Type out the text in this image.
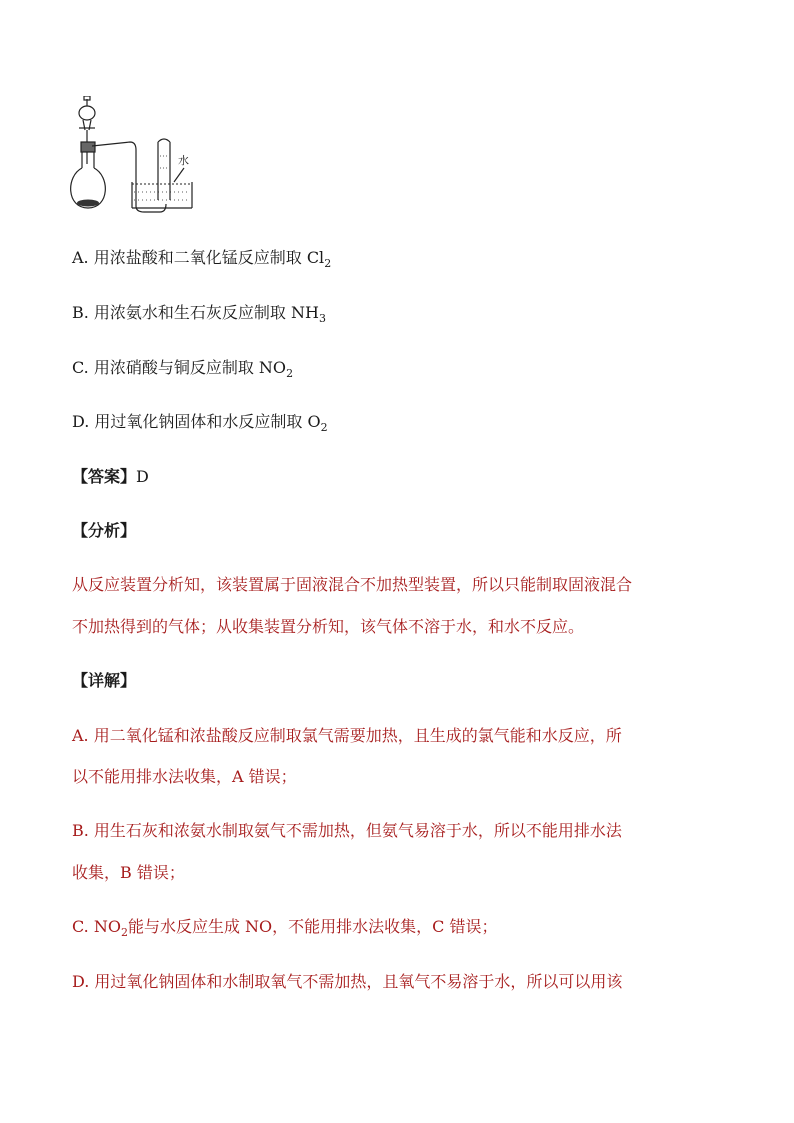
水
A. 用浓盐酸和二氧化锰反应制取 $Cl_2$
B. 用浓氨水和生石灰反应制取 $NH_3$
C. 用浓硝酸与铜反应制取 $NO_2$
D. 用过氧化钠固体和水反应制取 $O_2$
【答案】D
【分析】
从反应装置分析知，该装置属于固液混合不加热型装置，所以只能制取固液混合
不加热得到的气体；从收集装置分析知，该气体不溶于水，和水不反应。
【详解】
A. 用二氧化锰和浓盐酸反应制取氯气需要加热，且生成的氯气能和水反应，所
以不能用排水法收集，A 错误；
B. 用生石灰和浓氨水制取氨气不需加热，但氨气易溶于水，所以不能用排水法
收集，B 错误；
C. $NO_2$能与水反应生成 NO，不能用排水法收集，C 错误；
D. 用过氧化钠固体和水制取氧气不需加热，且氧气不易溶于水，所以可以用该
